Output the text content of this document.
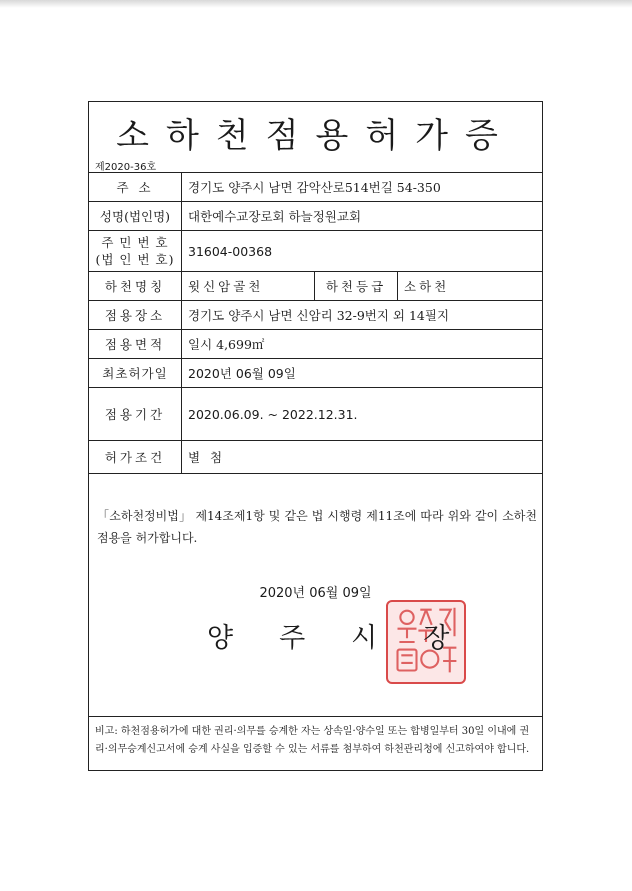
소하천점용허가증
제2020-36호
주 소	경기도 양주시 남면 감악산로514번길 54-350		
성명(법인명)	대한예수교장로회 하늘정원교회		

주 민 번 호
(법 인 번 호)	31604-00368		
하천명칭	윗신암골천	하천등급	소하천
점용장소	경기도 양주시 남면 신암리 32-9번지 외 14필지		
점용면적	일시 4,699㎡		
최초허가일	2020년 06월 09일		
점용기간	2020.06.09. ~ 2022.12.31.		
허가조건	별 첨		
「소하천정비법」 제14조제1항 및 같은 법 시행령 제11조에 따라 위와 같이 소하천점용을 허가합니다.
2020년 06월 09일
양주시장
비고: 하천점용허가에 대한 권리·의무를 승계한 자는 상속일·양수일 또는 합병일부터 30일 이내에 권리·의무승계신고서에 승계 사실을 입증할 수 있는 서류를 첨부하여 하천관리청에 신고하여야 합니다.
